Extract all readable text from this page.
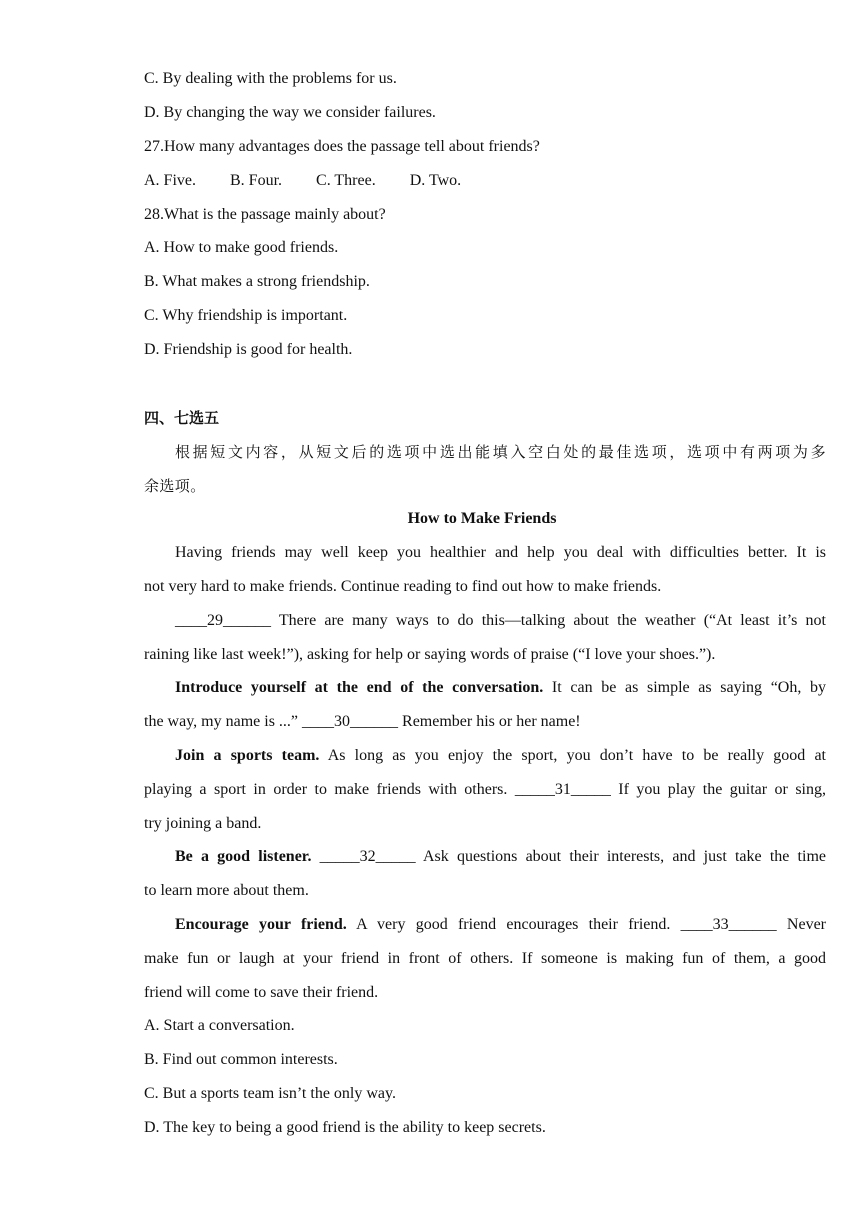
C. By dealing with the problems for us.
D. By changing the way we consider failures.
27.How many advantages does the passage tell about friends?
A. Five. B. Four. C. Three. D. Two.
28.What is the passage mainly about?
A. How to make good friends.
B. What makes a strong friendship.
C. Why friendship is important.
D. Friendship is good for health.
四、七选五
根据短文内容，从短文后的选项中选出能填入空白处的最佳选项，选项中有两项为多
余选项。
How to Make Friends
Having friends may well keep you healthier and help you deal with difficulties better. It is
not very hard to make friends. Continue reading to find out how to make friends.
____29______ There are many ways to do this—talking about the weather (“At least it’s not
raining like last week!”), asking for help or saying words of praise (“I love your shoes.”).
Introduce yourself at the end of the conversation. It can be as simple as saying “Oh, by
the way, my name is ...” ____30______ Remember his or her name!
Join a sports team. As long as you enjoy the sport, you don’t have to be really good at
playing a sport in order to make friends with others. _____31_____ If you play the guitar or sing,
try joining a band.
Be a good listener. _____32_____ Ask questions about their interests, and just take the time
to learn more about them.
Encourage your friend. A very good friend encourages their friend. ____33______ Never
make fun or laugh at your friend in front of others. If someone is making fun of them, a good
friend will come to save their friend.
A. Start a conversation.
B. Find out common interests.
C. But a sports team isn’t the only way.
D. The key to being a good friend is the ability to keep secrets.
